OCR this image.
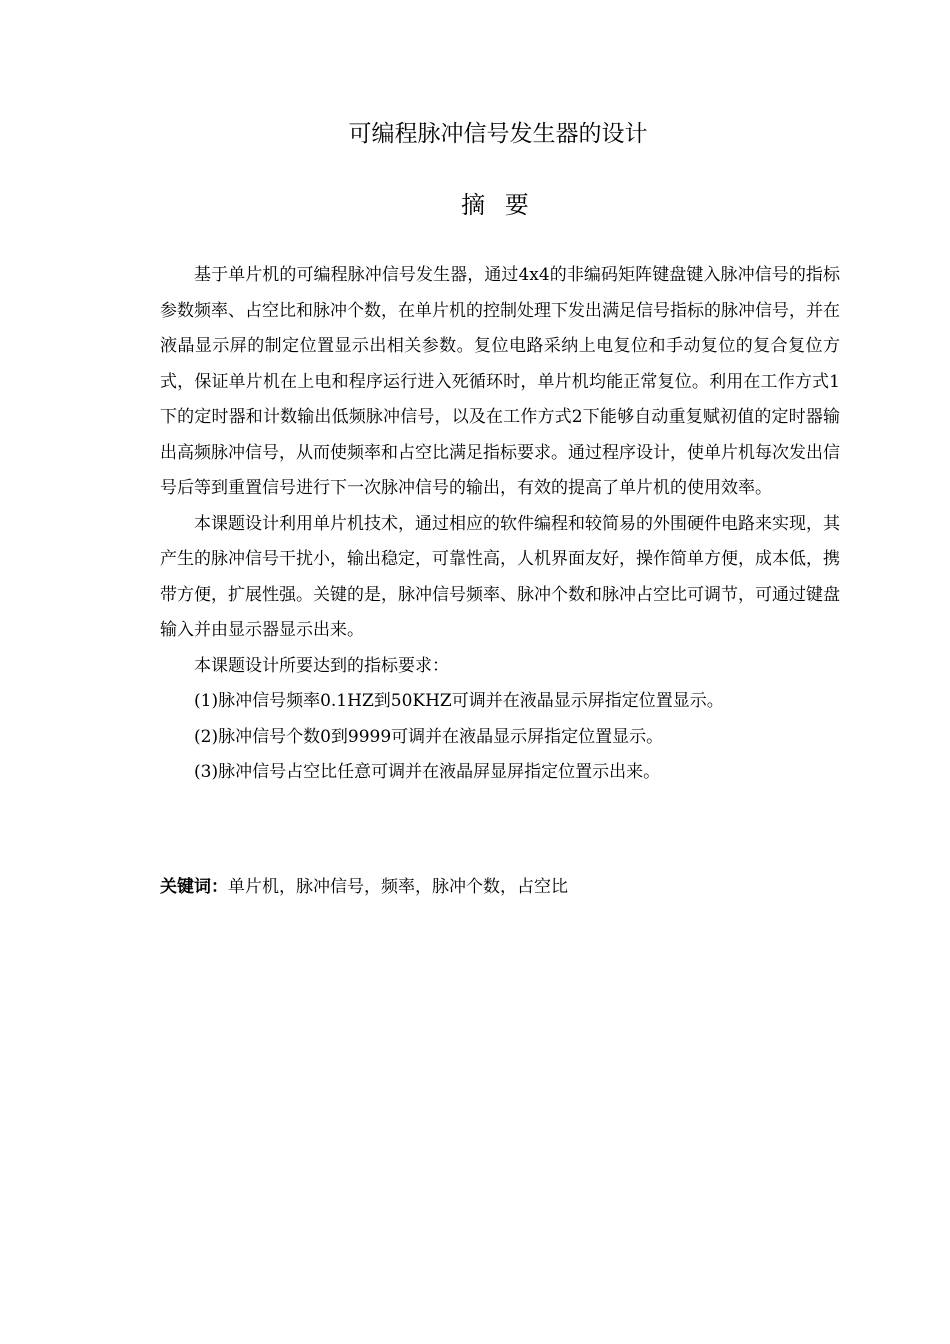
可编程脉冲信号发生器的设计
摘 要

基于单片机的可编程脉冲信号发生器，通过4x4的非编码矩阵键盘键入脉冲信号的指标参数频率、占空比和脉冲个数，在单片机的控制处理下发出满足信号指标的脉冲信号，并在液晶显示屏的制定位置显示出相关参数。复位电路采纳上电复位和手动复位的复合复位方式，保证单片机在上电和程序运行进入死循环时，单片机均能正常复位。利用在工作方式1下的定时器和计数输出低频脉冲信号，以及在工作方式2下能够自动重复赋初值的定时器输出高频脉冲信号，从而使频率和占空比满足指标要求。通过程序设计，使单片机每次发出信号后等到重置信号进行下一次脉冲信号的输出，有效的提高了单片机的使用效率。

本课题设计利用单片机技术，通过相应的软件编程和较简易的外围硬件电路来实现，其产生的脉冲信号干扰小，输出稳定，可靠性高，人机界面友好，操作简单方便，成本低，携带方便，扩展性强。关键的是，脉冲信号频率、脉冲个数和脉冲占空比可调节，可通过键盘输入并由显示器显示出来。

本课题设计所要达到的指标要求：

(1)脉冲信号频率0.1HZ到50KHZ可调并在液晶显示屏指定位置显示。

(2)脉冲信号个数0到9999可调并在液晶显示屏指定位置显示。

(3)脉冲信号占空比任意可调并在液晶屏显屏指定位置示出来。

关键词：单片机，脉冲信号，频率，脉冲个数，占空比
